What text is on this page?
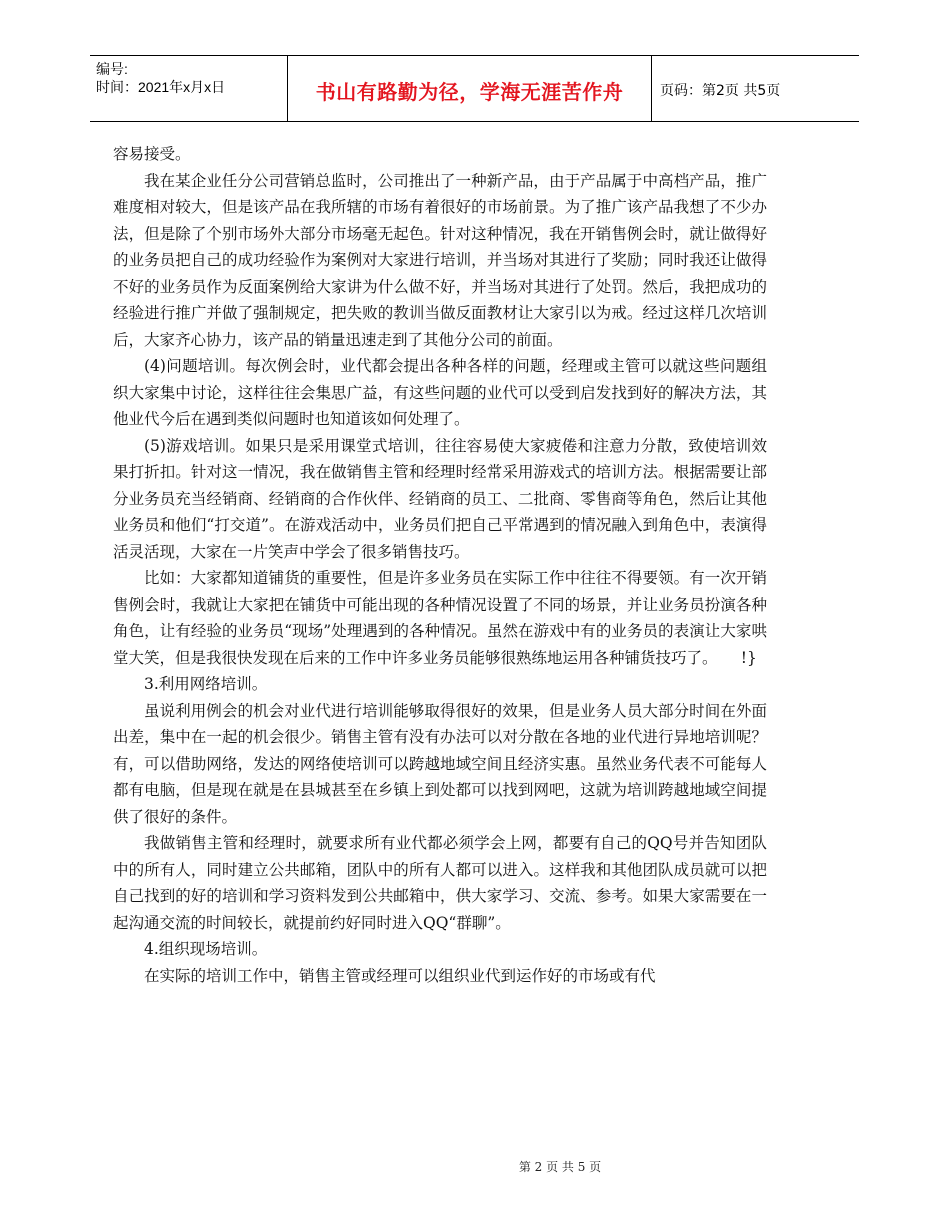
编号:
时间：2021年x月x日	书山有路勤为径，学海无涯苦作舟	页码：第2页 共5页

容易接受。

我在某企业任分公司营销总监时，公司推出了一种新产品，由于产品属于中高档产品，推广难度相对较大，但是该产品在我所辖的市场有着很好的市场前景。为了推广该产品我想了不少办法，但是除了个别市场外大部分市场毫无起色。针对这种情况，我在开销售例会时，就让做得好的业务员把自己的成功经验作为案例对大家进行培训，并当场对其进行了奖励；同时我还让做得不好的业务员作为反面案例给大家讲为什么做不好，并当场对其进行了处罚。然后，我把成功的经验进行推广并做了强制规定，把失败的教训当做反面教材让大家引以为戒。经过这样几次培训后，大家齐心协力，该产品的销量迅速走到了其他分公司的前面。

(4)问题培训。每次例会时，业代都会提出各种各样的问题，经理或主管可以就这些问题组织大家集中讨论，这样往往会集思广益，有这些问题的业代可以受到启发找到好的解决方法，其他业代今后在遇到类似问题时也知道该如何处理了。

(5)游戏培训。如果只是采用课堂式培训，往往容易使大家疲倦和注意力分散，致使培训效果打折扣。针对这一情况，我在做销售主管和经理时经常采用游戏式的培训方法。根据需要让部分业务员充当经销商、经销商的合作伙伴、经销商的员工、二批商、零售商等角色，然后让其他业务员和他们“打交道”。在游戏活动中，业务员们把自己平常遇到的情况融入到角色中，表演得活灵活现，大家在一片笑声中学会了很多销售技巧。

比如：大家都知道铺货的重要性，但是许多业务员在实际工作中往往不得要领。有一次开销售例会时，我就让大家把在铺货中可能出现的各种情况设置了不同的场景，并让业务员扮演各种角色，让有经验的业务员“现场”处理遇到的各种情况。虽然在游戏中有的业务员的表演让大家哄堂大笑，但是我很快发现在后来的工作中许多业务员能够很熟练地运用各种铺货技巧了。　　!}

3.利用网络培训。

虽说利用例会的机会对业代进行培训能够取得很好的效果，但是业务人员大部分时间在外面出差，集中在一起的机会很少。销售主管有没有办法可以对分散在各地的业代进行异地培训呢？有，可以借助网络，发达的网络使培训可以跨越地域空间且经济实惠。虽然业务代表不可能每人都有电脑，但是现在就是在县城甚至在乡镇上到处都可以找到网吧，这就为培训跨越地域空间提供了很好的条件。

我做销售主管和经理时，就要求所有业代都必须学会上网，都要有自己的QQ号并告知团队中的所有人，同时建立公共邮箱，团队中的所有人都可以进入。这样我和其他团队成员就可以把自己找到的好的培训和学习资料发到公共邮箱中，供大家学习、交流、参考。如果大家需要在一起沟通交流的时间较长，就提前约好同时进入QQ“群聊”。

4.组织现场培训。

在实际的培训工作中，销售主管或经理可以组织业代到运作好的市场或有代

第 2 页 共 5 页
